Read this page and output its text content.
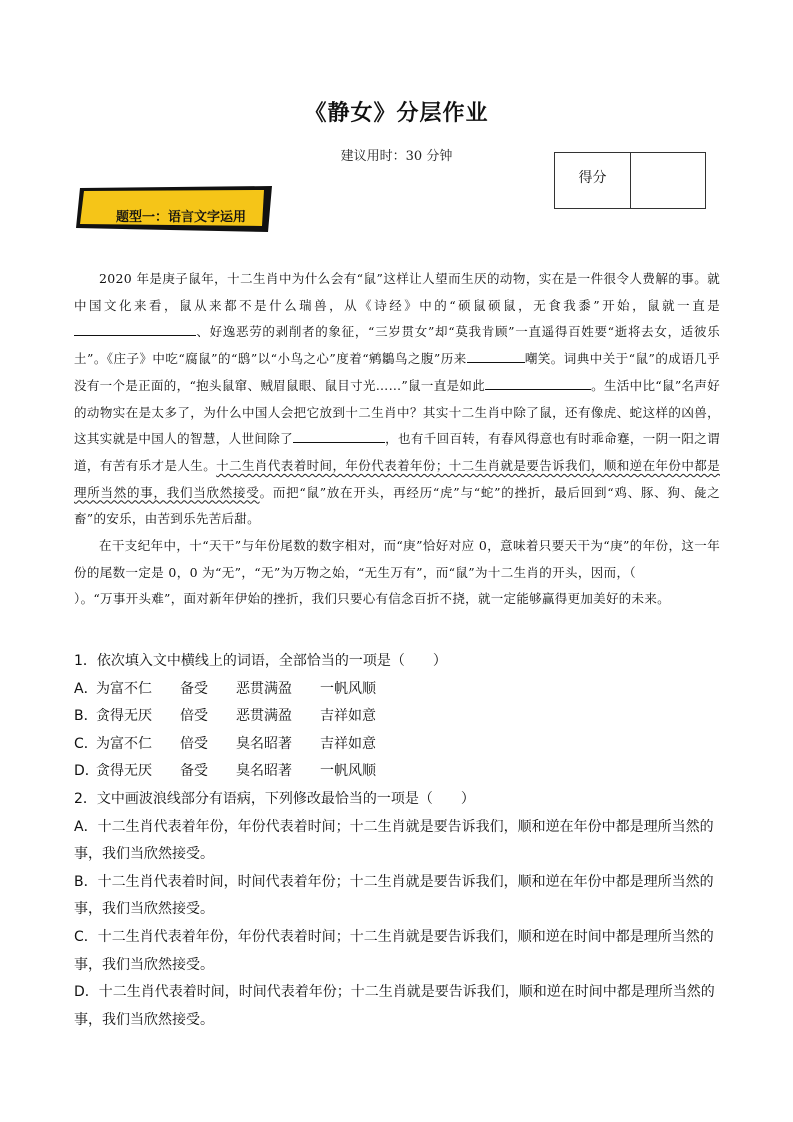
《静女》分层作业
建议用时：30 分钟
得分
题型一：语言文字运用

2020 年是庚子鼠年，十二生肖中为什么会有“鼠”这样让人望而生厌的动物，实在是一件很令人费解的事。就中国文化来看，鼠从来都不是什么瑞兽，从《诗经》中的“硕鼠硕鼠，无食我黍”开始，鼠就一直是、好逸恶劳的剥削者的象征，“三岁贯女”却“莫我肯顾”一直遥得百姓要“逝将去女，适彼乐土”。《庄子》中吃“腐鼠”的“鸱”以“小鸟之心”度着“鹓鶵鸟之腹”历来	嘲笑。词典中关于“鼠”的成语几乎没有一个是正面的，“抱头鼠窜、贼眉鼠眼、鼠目寸光……”鼠一直是如此	。生活中比“鼠”名声好的动物实在是太多了，为什么中国人会把它放到十二生肖中？其实十二生肖中除了鼠，还有像虎、蛇这样的凶兽，这其实就是中国人的智慧，人世间除了	，也有千回百转，有春风得意也有时乖命蹇，一阴一阳之谓道，有苦有乐才是人生。十二生肖代表着时间，年份代表着年份；十二生肖就是要告诉我们，顺和逆在年份中都是理所当然的事，我们当欣然接受。而把“鼠”放在开头，再经历“虎”与“蛇”的挫折，最后回到“鸡、豚、狗、彘之畜”的安乐，由苦到乐先苦后甜。

在干支纪年中，十“天干”与年份尾数的数字相对，而“庚”恰好对应 0，意味着只要天干为“庚”的年份，这一年份的尾数一定是 0，0 为“无”，“无”为万物之始，“无生万有”，而“鼠”为十二生肖的开头，因而，（）。“万事开头难”，面对新年伊始的挫折，我们只要心有信念百折不挠，就一定能够赢得更加美好的未来。

1．依次填入文中横线上的词语，全部恰当的一项是（　　）

A．
为富不仁	备受	恶贯满盈	一帆风顺

B．
贪得无厌	倍受	恶贯满盈	吉祥如意

C．
为富不仁	倍受	臭名昭著	吉祥如意

D．
贪得无厌	备受	臭名昭著	一帆风顺

2．文中画波浪线部分有语病，下列修改最恰当的一项是（　　）

A．十二生肖代表着年份，年份代表着时间；十二生肖就是要告诉我们，顺和逆在年份中都是理所当然的事，我们当欣然接受。

B．十二生肖代表着时间，时间代表着年份；十二生肖就是要告诉我们，顺和逆在年份中都是理所当然的事，我们当欣然接受。

C．十二生肖代表着年份，年份代表着时间；十二生肖就是要告诉我们，顺和逆在时间中都是理所当然的事，我们当欣然接受。

D．十二生肖代表着时间，时间代表着年份；十二生肖就是要告诉我们，顺和逆在时间中都是理所当然的事，我们当欣然接受。
